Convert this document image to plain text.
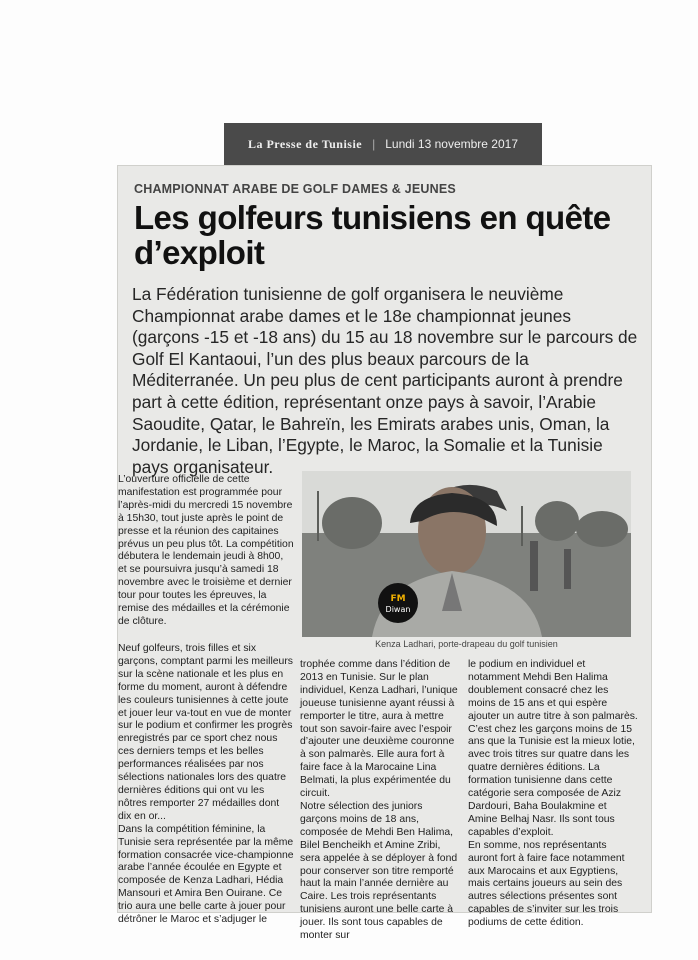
La Presse de Tunisie | Lundi 13 novembre 2017
CHAMPIONNAT ARABE DE GOLF DAMES & JEUNES
Les golfeurs tunisiens en quête d’exploit
La Fédération tunisienne de golf organisera le neuvième Championnat arabe dames et le 18e championnat jeunes (garçons -15 et -18 ans) du 15 au 18 novembre sur le parcours de Golf El Kantaoui, l’un des plus beaux parcours de la Méditerranée. Un peu plus de cent participants auront à prendre part à cette édition, représentant onze pays à savoir, l’Arabie Saoudite, Qatar, le Bahreïn, les Emirats arabes unis, Oman, la Jordanie, le Liban, l’Egypte, le Maroc, la Somalie et la Tunisie pays organisateur.

L’ouverture officielle de cette manifestation est programmée pour l’après-midi du mercredi 15 novembre à 15h30, tout juste après le point de presse et la réunion des capitaines prévus un peu plus tôt. La compétition débutera le lendemain jeudi à 8h00, et se poursuivra jusqu’à samedi 18 novembre avec le troisième et dernier tour pour toutes les épreuves, la remise des médailles et la cérémonie de clôture.

FM
Diwan
Kenza Ladhari, porte-drapeau du golf tunisien

Neuf golfeurs, trois filles et six garçons, comptant parmi les meilleurs sur la scène nationale et les plus en forme du moment, auront à défendre les couleurs tunisiennes à cette joute et jouer leur va-tout en vue de monter sur le podium et confirmer les progrès enregistrés par ce sport chez nous ces derniers temps et les belles performances réalisées par nos sélections nationales lors des quatre dernières éditions qui ont vu les nôtres remporter 27 médailles dont dix en or...

Dans la compétition féminine, la Tunisie sera représentée par la même formation consacrée vice-championne arabe l’année écoulée en Egypte et composée de Kenza Ladhari, Hédia Mansouri et Amira Ben Ouirane. Ce trio aura une belle carte à jouer pour détrôner le Maroc et s’adjuger le

trophée comme dans l’édition de 2013 en Tunisie. Sur le plan individuel, Kenza Ladhari, l’unique joueuse tunisienne ayant réussi à remporter le titre, aura à mettre tout son savoir-faire avec l’espoir d’ajouter une deuxième couronne à son palmarès. Elle aura fort à faire face à la Marocaine Lina Belmati, la plus expérimentée du circuit.

Notre sélection des juniors garçons moins de 18 ans, composée de Mehdi Ben Halima, Bilel Bencheikh et Amine Zribi, sera appelée à se déployer à fond pour conserver son titre remporté haut la main l’année dernière au Caire. Les trois représentants tunisiens auront une belle carte à jouer. Ils sont tous capables de monter sur

le podium en individuel et notamment Mehdi Ben Halima doublement consacré chez les moins de 15 ans et qui espère ajouter un autre titre à son palmarès.

C’est chez les garçons moins de 15 ans que la Tunisie est la mieux lotie, avec trois titres sur quatre dans les quatre dernières éditions. La formation tunisienne dans cette catégorie sera composée de Aziz Dardouri, Baha Boulakmine et Amine Belhaj Nasr. Ils sont tous capables d’exploit.

En somme, nos représentants auront fort à faire face notamment aux Marocains et aux Egyptiens, mais certains joueurs au sein des autres sélections présentes sont capables de s’inviter sur les trois podiums de cette édition.
